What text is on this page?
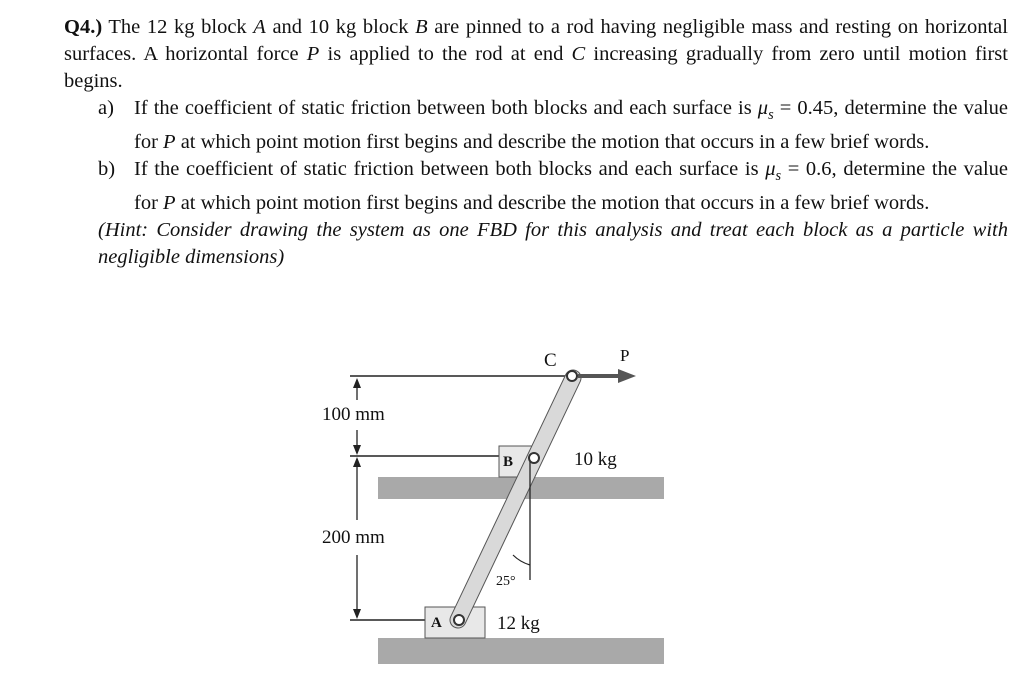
Q4.) The 12 kg block A and 10 kg block B are pinned to a rod having negligible mass and resting on horizontal surfaces. A horizontal force P is applied to the rod at end C increasing gradually from zero until motion first begins.

a) If the coefficient of static friction between both blocks and each surface is $\mu_s = 0.45$, determine the value for P at which point motion first begins and describe the motion that occurs in a few brief words.
b) If the coefficient of static friction between both blocks and each surface is $\mu_s = 0.6$, determine the value for P at which point motion first begins and describe the motion that occurs in a few brief words.
(Hint: Consider drawing the system as one FBD for this analysis and treat each block as a particle with negligible dimensions)
C	P
B
A
100 mm
200 mm
10 kg
12 kg
25°
